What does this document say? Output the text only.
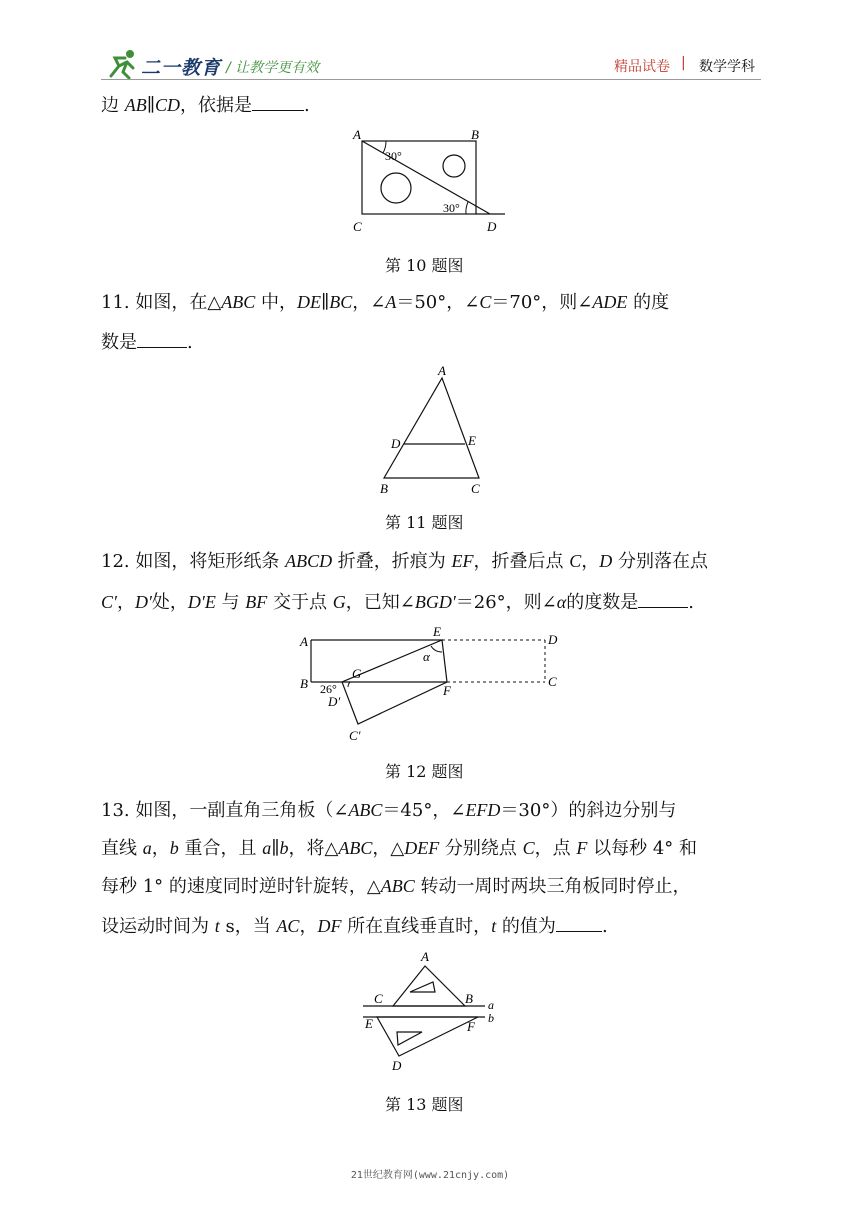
二一教育 / 让教学更有效	精品试卷 | 数学学科
边 AB∥CD，依据是	.
A	B
C	D
30°
30°
第 10 题图
11. 如图，在△ABC 中，DE∥BC，∠A＝50°，∠C＝70°，则∠ADE 的度
数是	.
A
B	C
D	E
第 11 题图
12. 如图，将矩形纸条 ABCD 折叠，折痕为 EF，折叠后点 C，D 分别落在点
C′，D′处，D′E 与 BF 交于点 G，已知∠BGD′＝26°，则∠α的度数是	.
A
B
E
D
C
G
F
D′
C′
α
26°
第 12 题图
13. 如图，一副直角三角板（∠ABC＝45°，∠EFD＝30°）的斜边分别与
直线 a，b 重合，且 a∥b，将△ABC，△DEF 分别绕点 C，点 F 以每秒 4° 和
每秒 1° 的速度同时逆时针旋转，△ABC 转动一周时两块三角板同时停止，
设运动时间为 t s，当 AC，DF 所在直线垂直时，t 的值为	.
A
C	B a
b
E	F
D
第 13 题图
21世纪教育网(www.21cnjy.com)
